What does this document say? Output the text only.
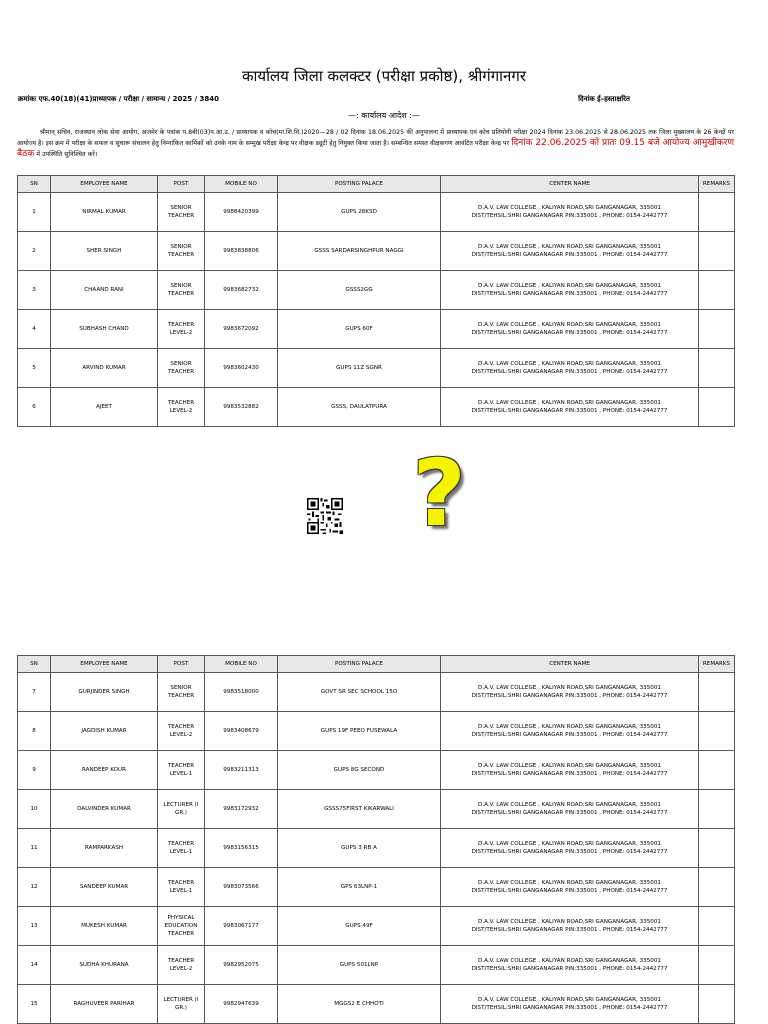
कार्यालय जिला कलक्टर (परीक्षा प्रकोष्ठ), श्रीगंगानगर
क्रमांकः एफ.40(18)(41)प्राध्यापक / परीक्षा / सामान्य / 2025 / 3840	दिनांक ई–हस्ताक्षरित
—: कार्यालय आदेश :—
श्रीमान् सचिव, राजस्थान लोक सेवा आयोग, अजमेर के पत्रांक प.8बी(03)प.आ.उ. / प्राध्यापक व कोच(मा.शि.वि.)2020—28 / 02 दिनांक 18.06.2025 की अनुपालना में प्राध्यापक एवं कोच प्रतियोगी परीक्षा 2024 दिनांक 23.06.2025 से 28.06.2025 तक जिला मुख्यालय के 26 केन्द्रों पर आयोज्य है। इस क्रम में परीक्षा के सफल व सुचारू संचालन हेतु निम्नांकित कार्मिकों को उनके नाम के सम्मुख परीक्षा केन्द्र पर वीक्षक ड्यूटी हेतु नियुक्त किया जाता है। सम्बन्धित समस्त वीक्षकगण आवंटित परीक्षा केन्द्र पर दिनांक 22.06.2025 को प्रातः 09.15 बजे आयोज्य आमुखीकरण बैठक में उपस्थिति सुनिश्चित करें।
SN	EMPLOYEE NAME	POST	MOBILE NO	POSTING PALACE	CENTER NAME	REMARKS
1	NIRMAL KUMAR	SENIOR TEACHER	9988420399	GUPS 28KSD	D.A.V. LAW COLLEGE , KALIYAN ROAD,SRI GANGANAGAR, 335001
DIST/TEHSIL:SHRI GANGANAGAR PIN:335001 , PHONE: 0154-2442777	

2	SHER SINGH	SENIOR TEACHER	9983838806	GSSS SARDARSINGHPUR NAGGI	D.A.V. LAW COLLEGE , KALIYAN ROAD,SRI GANGANAGAR, 335001
DIST/TEHSIL:SHRI GANGANAGAR PIN:335001 , PHONE: 0154-2442777	

3	CHAAND RANI	SENIOR TEACHER	9983682732	GSSS2GG	D.A.V. LAW COLLEGE , KALIYAN ROAD,SRI GANGANAGAR, 335001
DIST/TEHSIL:SHRI GANGANAGAR PIN:335001 , PHONE: 0154-2442777	

4	SUBHASH CHAND	TEACHER LEVEL-2	9983672092	GUPS 60F	D.A.V. LAW COLLEGE , KALIYAN ROAD,SRI GANGANAGAR, 335001
DIST/TEHSIL:SHRI GANGANAGAR PIN:335001 , PHONE: 0154-2442777	

5	ARVIND KUMAR	SENIOR TEACHER	9983602430	GUPS 11Z SGNR	D.A.V. LAW COLLEGE , KALIYAN ROAD,SRI GANGANAGAR, 335001
DIST/TEHSIL:SHRI GANGANAGAR PIN:335001 , PHONE: 0154-2442777	

6	AJEET	TEACHER LEVEL-2	9983532882	GSSS, DAULATPURA	D.A.V. LAW COLLEGE , KALIYAN ROAD,SRI GANGANAGAR, 335001
DIST/TEHSIL:SHRI GANGANAGAR PIN:335001 , PHONE: 0154-2442777	

?
SN	EMPLOYEE NAME	POST	MOBILE NO	POSTING PALACE	CENTER NAME	REMARKS
7	GURJINDER SINGH	SENIOR TEACHER	9983518000	GOVT SR SEC SCHOOL 15O	D.A.V. LAW COLLEGE , KALIYAN ROAD,SRI GANGANAGAR, 335001
DIST/TEHSIL:SHRI GANGANAGAR PIN:335001 , PHONE: 0154-2442777	

8	JAGDISH KUMAR	TEACHER LEVEL-2	9983408679	GUPS 19F PEEO FUSEWALA	D.A.V. LAW COLLEGE , KALIYAN ROAD,SRI GANGANAGAR, 335001
DIST/TEHSIL:SHRI GANGANAGAR PIN:335001 , PHONE: 0154-2442777	

9	RANDEEP KOUR	TEACHER LEVEL-1	9983211313	GUPS 8G SECOND	D.A.V. LAW COLLEGE , KALIYAN ROAD,SRI GANGANAGAR, 335001
DIST/TEHSIL:SHRI GANGANAGAR PIN:335001 , PHONE: 0154-2442777	

10	DALVINDER KUMAR	LECTURER (I GR.)	9983172932	GSSS75FIRST KIKARWALI	D.A.V. LAW COLLEGE , KALIYAN ROAD,SRI GANGANAGAR, 335001
DIST/TEHSIL:SHRI GANGANAGAR PIN:335001 , PHONE: 0154-2442777	

11	RAMPARKASH	TEACHER LEVEL-1	9983156315	GUPS 3 RB A	D.A.V. LAW COLLEGE , KALIYAN ROAD,SRI GANGANAGAR, 335001
DIST/TEHSIL:SHRI GANGANAGAR PIN:335001 , PHONE: 0154-2442777	

12	SANDEEP KUMAR	TEACHER LEVEL-1	9983073566	GPS 63LNP-1	D.A.V. LAW COLLEGE , KALIYAN ROAD,SRI GANGANAGAR, 335001
DIST/TEHSIL:SHRI GANGANAGAR PIN:335001 , PHONE: 0154-2442777	

13	MUKESH KUMAR	PHYSICAL EDUCATION TEACHER	9983067177	GUPS 49F	D.A.V. LAW COLLEGE , KALIYAN ROAD,SRI GANGANAGAR, 335001
DIST/TEHSIL:SHRI GANGANAGAR PIN:335001 , PHONE: 0154-2442777	

14	SUDHA KHURANA	TEACHER LEVEL-2	9982952075	GUPS 501LNP	D.A.V. LAW COLLEGE , KALIYAN ROAD,SRI GANGANAGAR, 335001
DIST/TEHSIL:SHRI GANGANAGAR PIN:335001 , PHONE: 0154-2442777	

15	RAGHUVEER PARIHAR	LECTURER (I GR.)	9982947639	MGGS2 E CHHOTI	D.A.V. LAW COLLEGE , KALIYAN ROAD,SRI GANGANAGAR, 335001
DIST/TEHSIL:SHRI GANGANAGAR PIN:335001 , PHONE: 0154-2442777	
